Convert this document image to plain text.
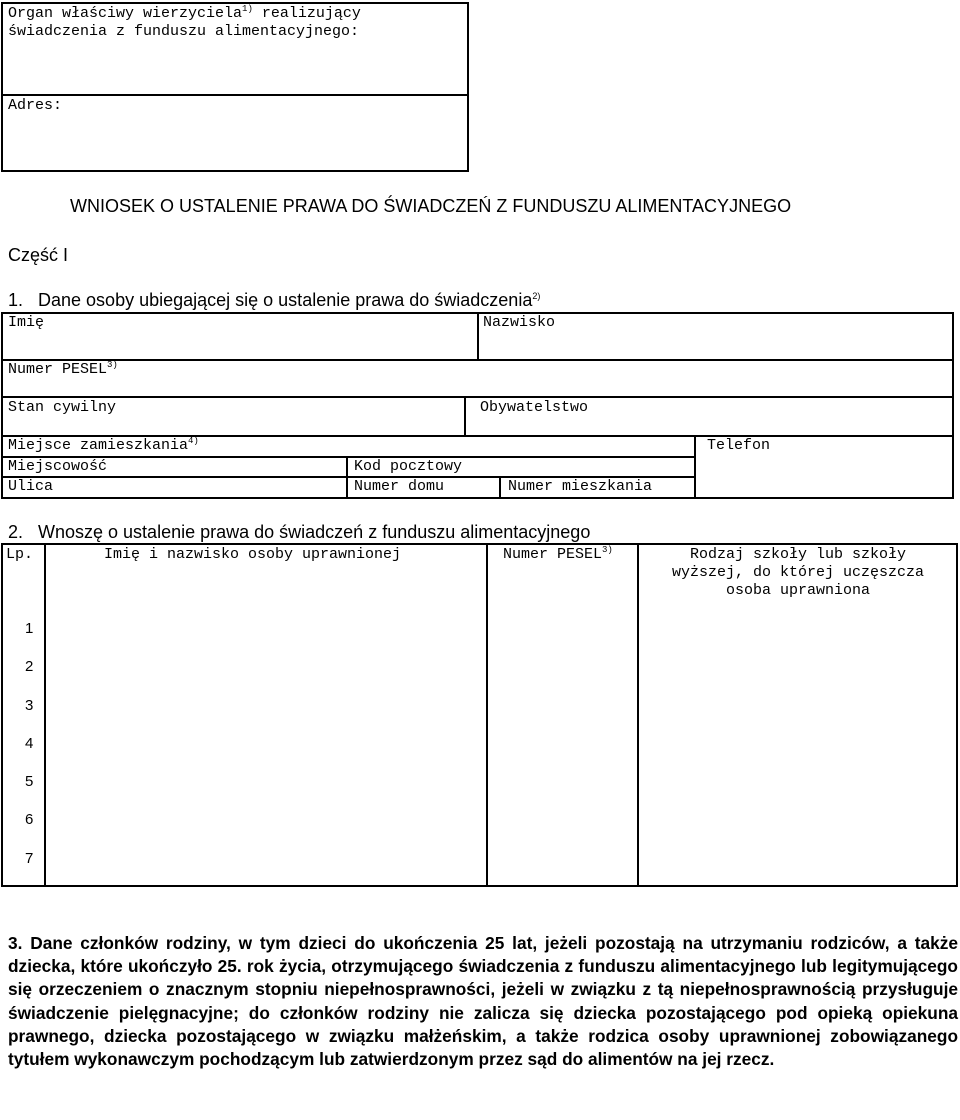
Organ właściwy wierzyciela$^{1)}$ realizujący
świadczenia z funduszu alimentacyjnego:
Adres:
WNIOSEK O USTALENIE PRAWA DO ŚWIADCZEŃ Z FUNDUSZU ALIMENTACYJNEGO
Część I
1.   Dane osoby ubiegającej się o ustalenie prawa do świadczenia$^{2)}$
Imię	Nazwisko
Numer PESEL$^{3)}$
Stan cywilny	Obywatelstwo
Miejsce zamieszkania$^{4)}$	Telefon
Miejscowość	Kod pocztowy
Ulica	Numer domu	Numer mieszkania
2.   Wnoszę o ustalenie prawa do świadczeń z funduszu alimentacyjnego
Lp.	Imię i nazwisko osoby uprawnionej	Numer PESEL$^{3)}$	Rodzaj szkoły lub szkoły
wyższej, do której uczęszcza
osoba uprawniona
1
2
3
4
5
6
7

3. Dane członków rodziny, w tym dzieci do ukończenia 25 lat, jeżeli pozostają na utrzymaniu rodziców, a także dziecka, które ukończyło 25. rok życia, otrzymującego świadczenia z funduszu alimentacyjnego lub legitymującego się orzeczeniem o znacznym stopniu niepełnosprawności, jeżeli w związku z tą niepełnosprawnością przysługuje świadczenie pielęgnacyjne; do członków rodziny nie zalicza się dziecka pozostającego pod opieką opiekuna prawnego, dziecka pozostającego w związku małżeńskim, a także rodzica osoby uprawnionej zobowiązanego tytułem wykonawczym pochodzącym lub zatwierdzonym przez sąd do alimentów na jej rzecz.
